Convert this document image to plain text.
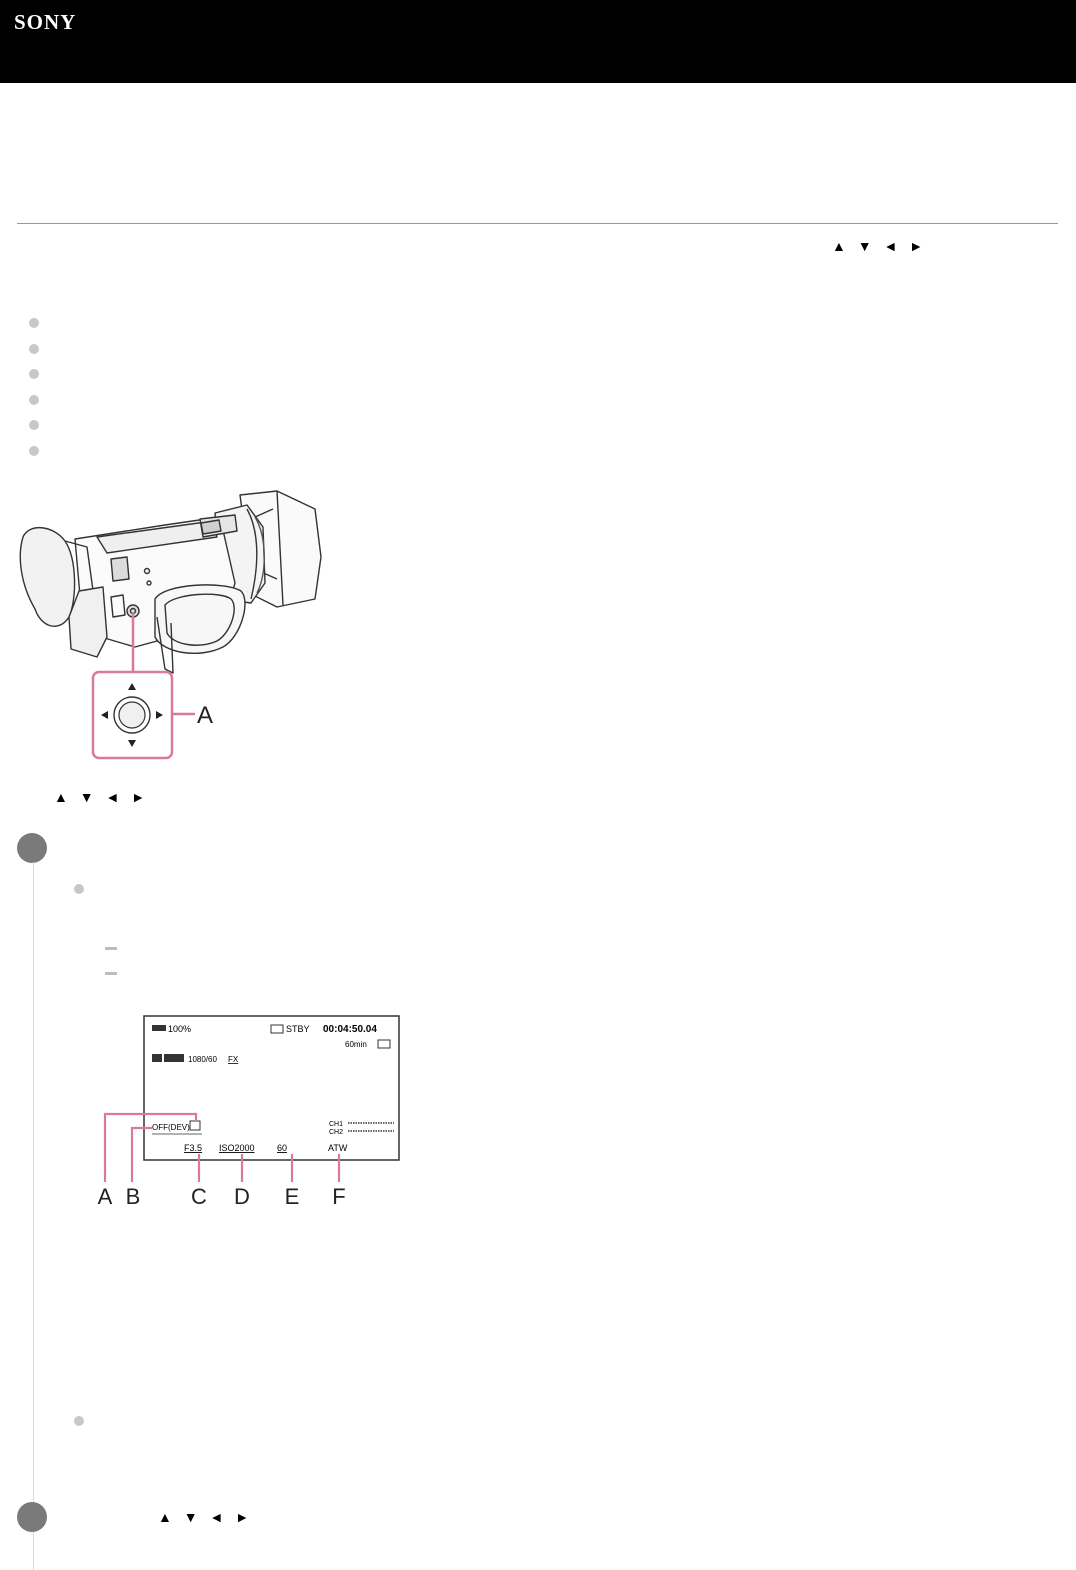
SONY
▲ ▼ ◄ ►
A
▲ ▼ ◄ ►
100%	STBY 00:04:50.04
60min
1080/60 FX
OFF(DEV)	CH1
CH2
F3.5 ISO2000 60	ATW
A B C D E F
▲ ▼ ◄ ►
